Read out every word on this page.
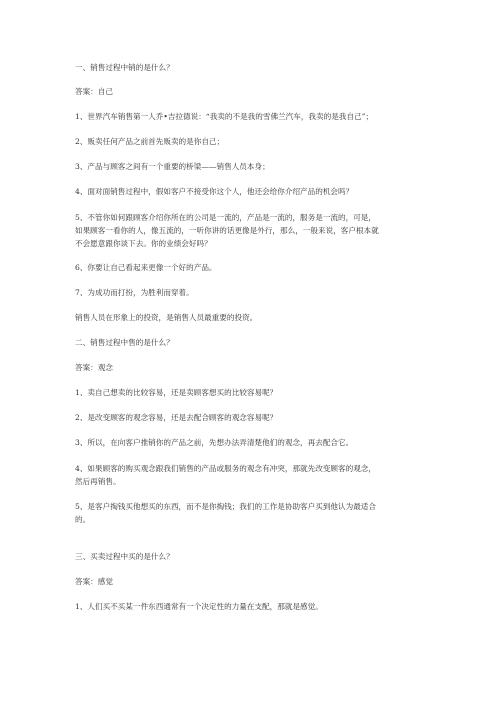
一、销售过程中销的是什么？
答案：自己
1、世界汽车销售第一人乔•吉拉德说：“我卖的不是我的雪佛兰汽车，我卖的是我自己”；
2、贩卖任何产品之前首先贩卖的是你自己；
3、产品与顾客之间有一个重要的桥梁——销售人员本身；
4、面对面销售过程中，假如客户不接受你这个人，他还会给你介绍产品的机会吗？
5、不管你如何跟顾客介绍你所在的公司是一流的，产品是一流的，服务是一流的，可是，
如果顾客一看你的人，像五流的，一听你讲的话更像是外行，那么，一般来说，客户根本就
不会愿意跟你谈下去。你的业绩会好吗？
6、你要让自己看起来更像一个好的产品。
7、为成功而打扮，为胜利而穿着。
销售人员在形象上的投资，是销售人员最重要的投资。
二、销售过程中售的是什么？
答案：观念
1、卖自己想卖的比较容易，还是卖顾客想买的比较容易呢？
2、是改变顾客的观念容易，还是去配合顾客的观念容易呢？
3、所以，在向客户推销你的产品之前，先想办法弄清楚他们的观念，再去配合它。
4、如果顾客的购买观念跟我们销售的产品或服务的观念有冲突，那就先改变顾客的观念，
然后再销售。
5、是客户掏钱买他想买的东西，而不是你掏钱；我们的工作是协助客户买到他认为最适合
的。
三、买卖过程中买的是什么？
答案：感觉
1、人们买不买某一件东西通常有一个决定性的力量在支配，那就是感觉。
